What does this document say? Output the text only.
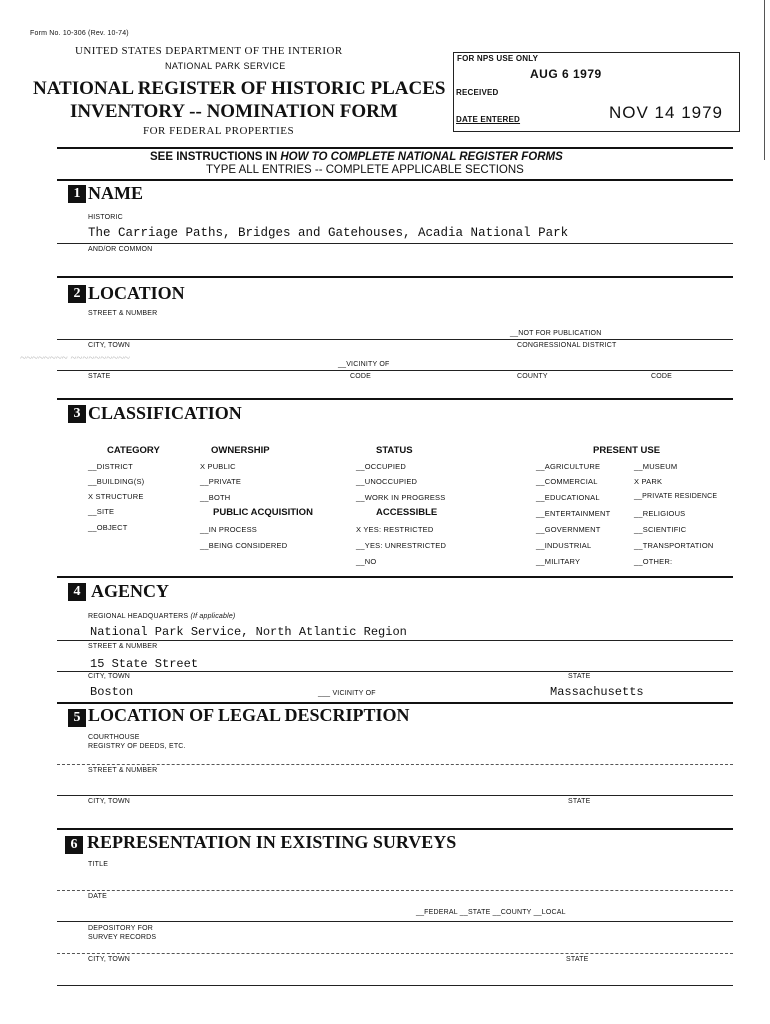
Form No. 10-306 (Rev. 10-74)
UNITED STATES DEPARTMENT OF THE INTERIOR
NATIONAL PARK SERVICE
NATIONAL REGISTER OF HISTORIC PLACES
INVENTORY -- NOMINATION FORM
FOR FEDERAL PROPERTIES
FOR NPS USE ONLY
AUG 6 1979
RECEIVED
NOV 14 1979
DATE ENTERED
SEE INSTRUCTIONS IN HOW TO COMPLETE NATIONAL REGISTER FORMS
TYPE ALL ENTRIES -- COMPLETE APPLICABLE SECTIONS
1 NAME
HISTORIC
The Carriage Paths, Bridges and Gatehouses, Acadia National Park
AND/OR COMMON
2 LOCATION
STREET & NUMBER
__NOT FOR PUBLICATION
CITY, TOWN	CONGRESSIONAL DISTRICT
~~~~~~~~ ~~~~~~~~~~
__VICINITY OF
STATE	CODE	COUNTY	CODE
3 CLASSIFICATION
CATEGORY
__DISTRICT
__BUILDING(S)
X STRUCTURE
__SITE
__OBJECT
OWNERSHIP
X PUBLIC
__PRIVATE
__BOTH
PUBLIC ACQUISITION
__IN PROCESS
__BEING CONSIDERED
STATUS
__OCCUPIED
__UNOCCUPIED
__WORK IN PROGRESS
ACCESSIBLE
X YES: RESTRICTED
__YES: UNRESTRICTED
__NO
PRESENT USE
__AGRICULTURE
__COMMERCIAL
__EDUCATIONAL
__ENTERTAINMENT
__GOVERNMENT
__INDUSTRIAL
__MILITARY
__MUSEUM
X PARK
__PRIVATE RESIDENCE
__RELIGIOUS
__SCIENTIFIC
__TRANSPORTATION
__OTHER:
4 AGENCY
REGIONAL HEADQUARTERS (If applicable)
National Park Service, North Atlantic Region
STREET & NUMBER
15 State Street
CITY, TOWN	STATE
Boston	___ VICINITY OF	Massachusetts
5 LOCATION OF LEGAL DESCRIPTION
COURTHOUSE
REGISTRY OF DEEDS, ETC.
STREET & NUMBER
CITY, TOWN	STATE
6 REPRESENTATION IN EXISTING SURVEYS
TITLE
DATE
__FEDERAL __STATE __COUNTY __LOCAL
DEPOSITORY FOR
SURVEY RECORDS
CITY, TOWN	STATE
